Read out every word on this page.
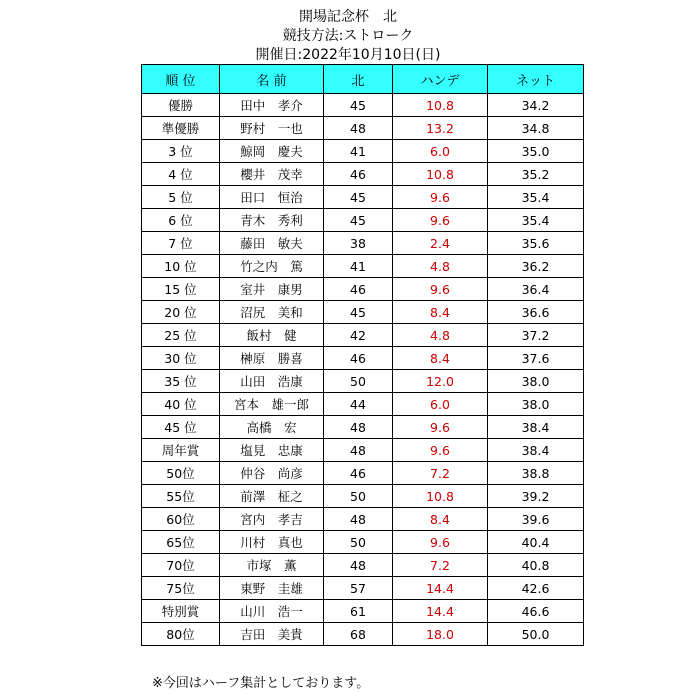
開場記念杯　北
競技方法:ストローク
開催日:2022年10月10日(日)
順 位	名 前	北	ハンデ	ネット
優勝	田中　孝介	45	10.8	34.2
準優勝	野村　一也	48	13.2	34.8
3 位	鯨岡　慶夫	41	6.0	35.0
4 位	櫻井　茂幸	46	10.8	35.2
5 位	田口　恒治	45	9.6	35.4
6 位	青木　秀利	45	9.6	35.4
7 位	藤田　敏夫	38	2.4	35.6
10 位	竹之内　篤	41	4.8	36.2
15 位	室井　康男	46	9.6	36.4
20 位	沼尻　美和	45	8.4	36.6
25 位	飯村　健	42	4.8	37.2
30 位	榊原　勝喜	46	8.4	37.6
35 位	山田　浩康	50	12.0	38.0
40 位	宮本　雄一郎	44	6.0	38.0
45 位	高橋　宏	48	9.6	38.4
周年賞	塩見　忠康	48	9.6	38.4
50位	仲谷　尚彦	46	7.2	38.8
55位	前澤　柾之	50	10.8	39.2
60位	宮内　孝吉	48	8.4	39.6
65位	川村　真也	50	9.6	40.4
70位	市塚　薫	48	7.2	40.8
75位	東野　圭雄	57	14.4	42.6
特別賞	山川　浩一	61	14.4	46.6
80位	吉田　美貴	68	18.0	50.0
※今回はハーフ集計としております。
